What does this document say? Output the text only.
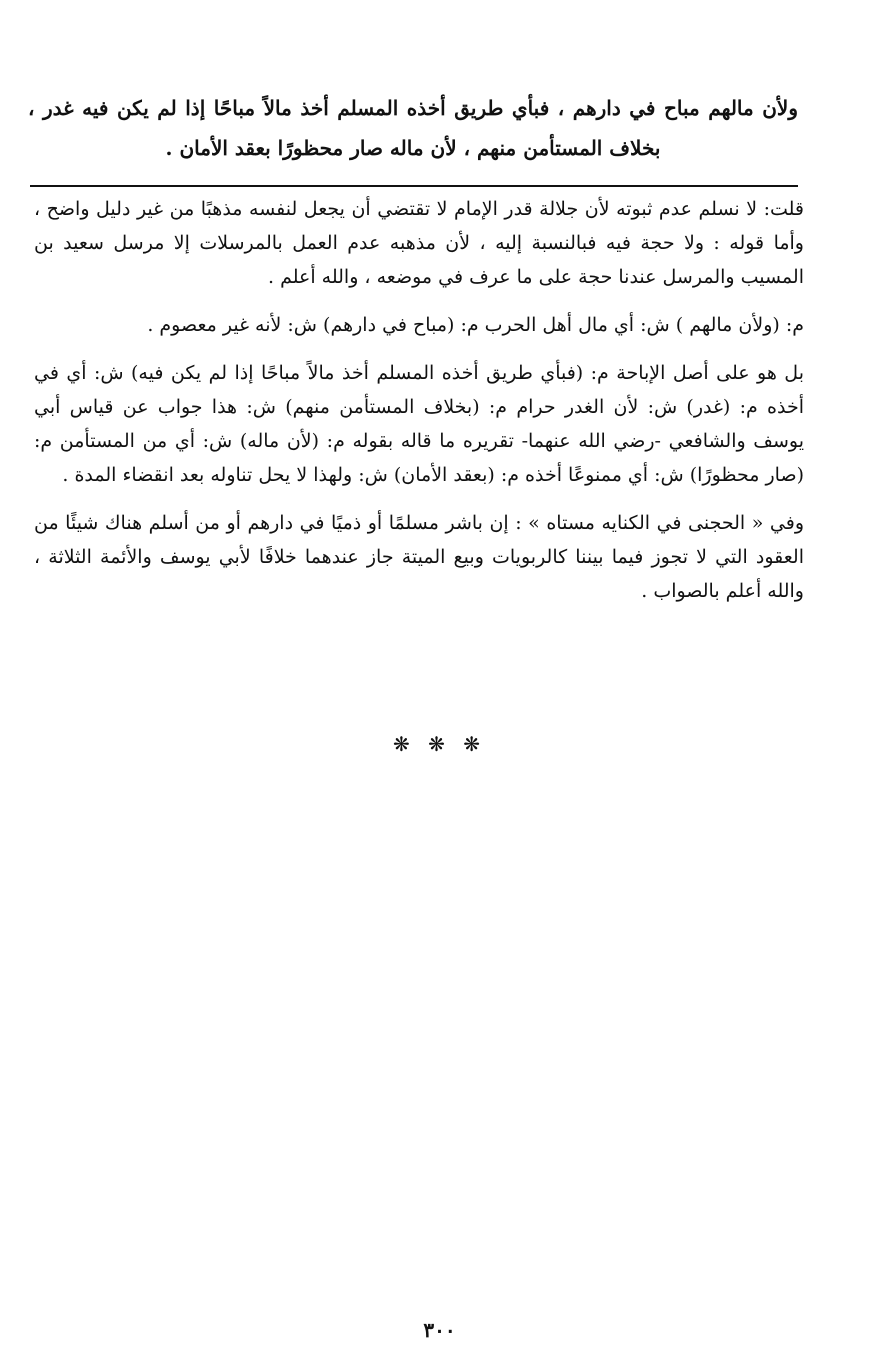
ولأن مالهم مباح في دارهم ، فبأي طريق أخذه المسلم أخذ مالاً مباحًا إذا لم يكن فيه غدر ، بخلاف المستأمن منهم ، لأن ماله صار محظورًا بعقد الأمان .

قلت: لا نسلم عدم ثبوته لأن جلالة قدر الإمام لا تقتضي أن يجعل لنفسه مذهبًا من غير دليل واضح ، وأما قوله : ولا حجة فيه فبالنسبة إليه ، لأن مذهبه عدم العمل بالمرسلات إلا مرسل سعيد بن المسيب والمرسل عندنا حجة على ما عرف في موضعه ، والله أعلم .

م: (ولأن مالهم ) ش: أي مال أهل الحرب م: (مباح في دارهم) ش: لأنه غير معصوم .

بل هو على أصل الإباحة م: (فبأي طريق أخذه المسلم أخذ مالاً مباحًا إذا لم يكن فيه) ش: أي في أخذه م: (غدر) ش: لأن الغدر حرام م: (بخلاف المستأمن منهم) ش: هذا جواب عن قياس أبي يوسف والشافعي -رضي الله عنهما- تقريره ما قاله بقوله م: (لأن ماله) ش: أي من المستأمن م: (صار محظورًا) ش: أي ممنوعًا أخذه م: (بعقد الأمان) ش: ولهذا لا يحل تناوله بعد انقضاء المدة .

وفي « الحجنى في الكنايه مستاه » : إن باشر مسلمًا أو ذميًا في دارهم أو من أسلم هناك شيئًا من العقود التي لا تجوز فيما بيننا كالربويات وبيع الميتة جاز عندهما خلافًا لأبي يوسف والأئمة الثلاثة ، والله أعلم بالصواب .

❋ ❋ ❋
٣٠٠
